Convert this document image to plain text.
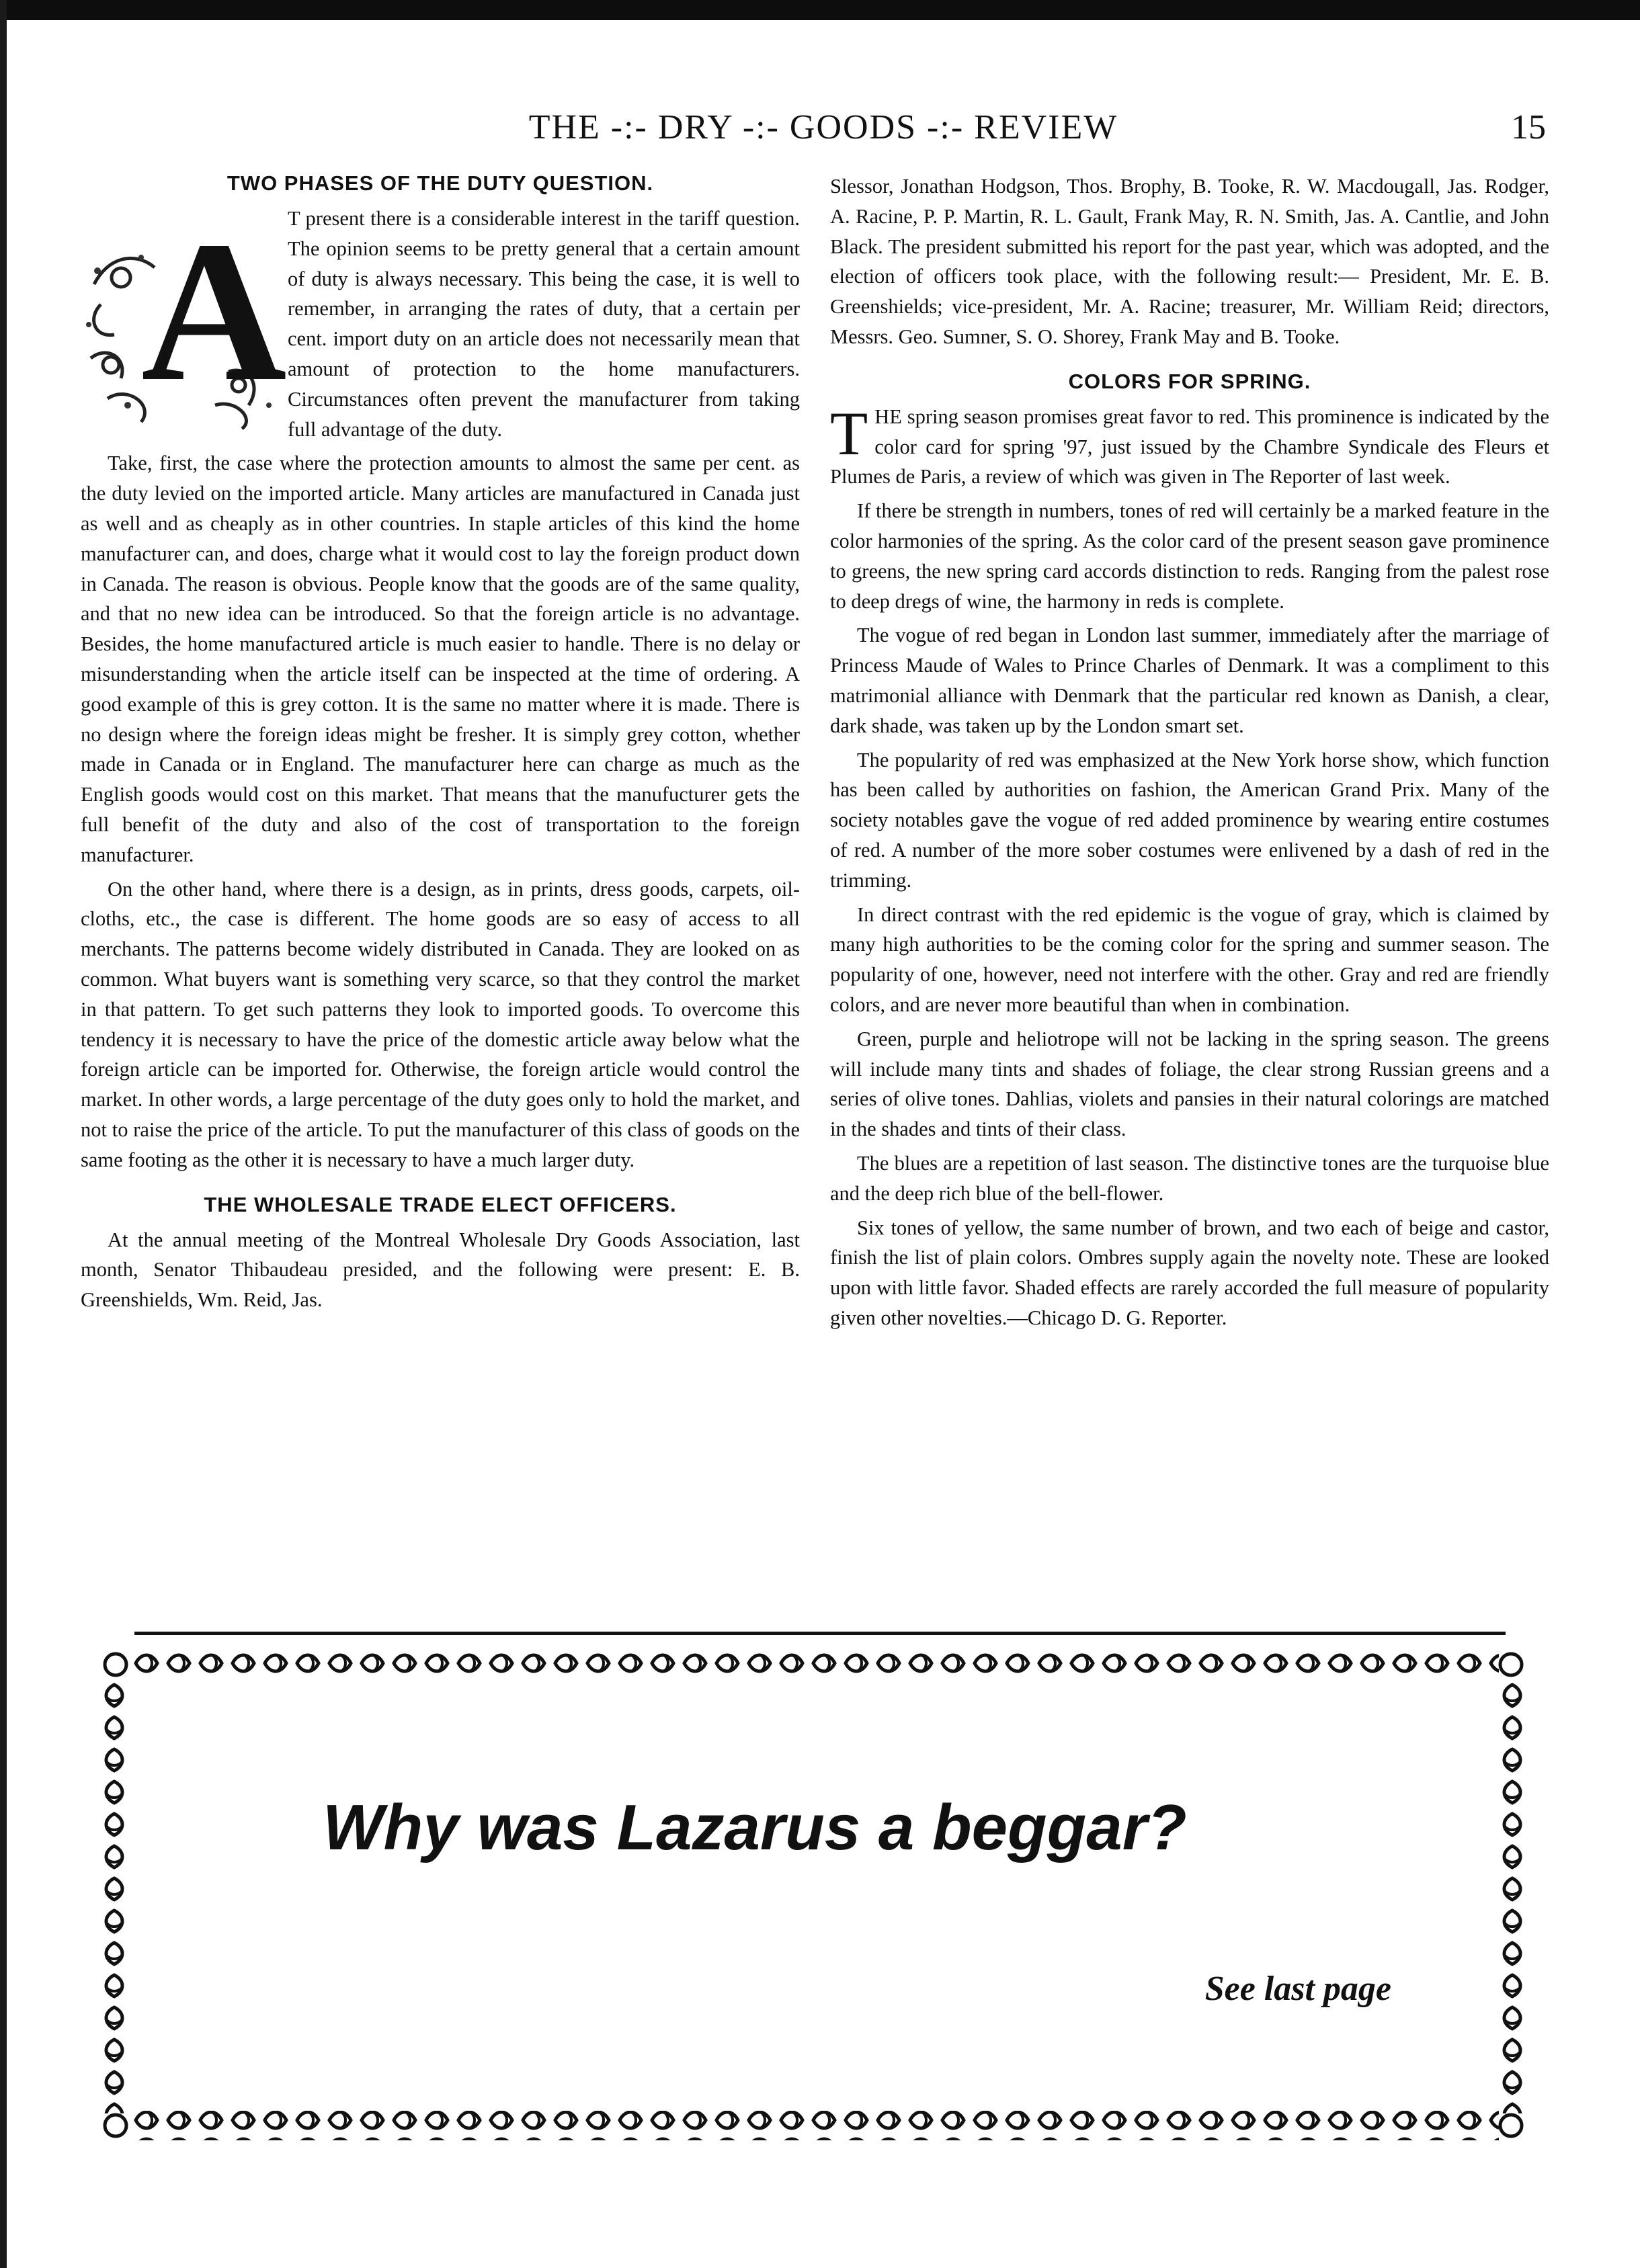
THE -:- DRY -:- GOODS -:- REVIEW	15
TWO PHASES OF THE DUTY QUESTION.
A T present there is a considerable interest in the tariff question. The opinion seems to be pretty general that a certain amount of duty is always necessary. This being the case, it is well to remember, in arranging the rates of duty, that a certain per cent. import duty on an article does not necessarily mean that amount of protection to the home manufacturers. Circumstances often prevent the manufacturer from taking full advantage of the duty.

Take, first, the case where the protection amounts to almost the same per cent. as the duty levied on the imported article. Many articles are manufactured in Canada just as well and as cheaply as in other countries. In staple articles of this kind the home manufacturer can, and does, charge what it would cost to lay the foreign product down in Canada. The reason is obvious. People know that the goods are of the same quality, and that no new idea can be introduced. So that the foreign article is no advantage. Besides, the home manufactured article is much easier to handle. There is no delay or misunderstanding when the article itself can be inspected at the time of ordering. A good example of this is grey cotton. It is the same no matter where it is made. There is no design where the foreign ideas might be fresher. It is simply grey cotton, whether made in Canada or in England. The manufacturer here can charge as much as the English goods would cost on this market. That means that the manufucturer gets the full benefit of the duty and also of the cost of transportation to the foreign manufacturer.

On the other hand, where there is a design, as in prints, dress goods, carpets, oil-cloths, etc., the case is different. The home goods are so easy of access to all merchants. The patterns become widely distributed in Canada. They are looked on as common. What buyers want is something very scarce, so that they control the market in that pattern. To get such patterns they look to imported goods. To overcome this tendency it is necessary to have the price of the domestic article away below what the foreign article can be imported for. Otherwise, the foreign article would control the market. In other words, a large percentage of the duty goes only to hold the market, and not to raise the price of the article. To put the manufacturer of this class of goods on the same footing as the other it is necessary to have a much larger duty.

THE WHOLESALE TRADE ELECT OFFICERS.

At the annual meeting of the Montreal Wholesale Dry Goods Association, last month, Senator Thibaudeau presided, and the following were present: E. B. Greenshields, Wm. Reid, Jas.

Slessor, Jonathan Hodgson, Thos. Brophy, B. Tooke, R. W. Macdougall, Jas. Rodger, A. Racine, P. P. Martin, R. L. Gault, Frank May, R. N. Smith, Jas. A. Cantlie, and John Black. The president submitted his report for the past year, which was adopted, and the election of officers took place, with the following result:— President, Mr. E. B. Greenshields; vice-president, Mr. A. Racine; treasurer, Mr. William Reid; directors, Messrs. Geo. Sumner, S. O. Shorey, Frank May and B. Tooke.

COLORS FOR SPRING.
T HE spring season promises great favor to red. This prominence is indicated by the color card for spring '97, just issued by the Chambre Syndicale des Fleurs et Plumes de Paris, a review of which was given in The Reporter of last week.

If there be strength in numbers, tones of red will certainly be a marked feature in the color harmonies of the spring. As the color card of the present season gave prominence to greens, the new spring card accords distinction to reds. Ranging from the palest rose to deep dregs of wine, the harmony in reds is complete.

The vogue of red began in London last summer, immediately after the marriage of Princess Maude of Wales to Prince Charles of Denmark. It was a compliment to this matrimonial alliance with Denmark that the particular red known as Danish, a clear, dark shade, was taken up by the London smart set.

The popularity of red was emphasized at the New York horse show, which function has been called by authorities on fashion, the American Grand Prix. Many of the society notables gave the vogue of red added prominence by wearing entire costumes of red. A number of the more sober costumes were enlivened by a dash of red in the trimming.

In direct contrast with the red epidemic is the vogue of gray, which is claimed by many high authorities to be the coming color for the spring and summer season. The popularity of one, however, need not interfere with the other. Gray and red are friendly colors, and are never more beautiful than when in combination.

Green, purple and heliotrope will not be lacking in the spring season. The greens will include many tints and shades of foliage, the clear strong Russian greens and a series of olive tones. Dahlias, violets and pansies in their natural colorings are matched in the shades and tints of their class.

The blues are a repetition of last season. The distinctive tones are the turquoise blue and the deep rich blue of the bell-flower.

Six tones of yellow, the same number of brown, and two each of beige and castor, finish the list of plain colors. Ombres supply again the novelty note. These are looked upon with little favor. Shaded effects are rarely accorded the full measure of popularity given other novelties.—Chicago D. G. Reporter.

Why was Lazarus a beggar?
See last page
